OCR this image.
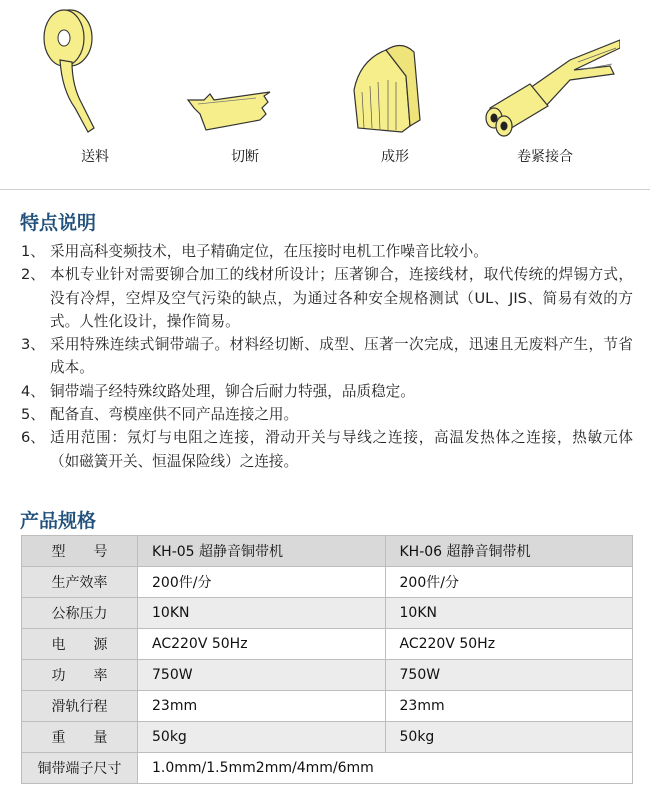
送料	切断	成形	卷紧接合
特点说明
1、 采用高科变频技术，电子精确定位，在压接时电机工作噪音比较小。
2、 本机专业针对需要铆合加工的线材所设计；压著铆合，连接线材，取代传统的焊锡方式，没有冷焊，空焊及空气污染的缺点，为通过各种安全规格测试（UL、JIS、简易有效的方式。人性化设计，操作简易。
3、 采用特殊连续式铜带端子。材料经切断、成型、压著一次完成，迅速且无废料产生，节省成本。
4、 铜带端子经特殊纹路处理，铆合后耐力特强，品质稳定。
5、 配备直、弯模座供不同产品连接之用。
6、 适用范围：氖灯与电阻之连接，滑动开关与导线之连接，高温发热体之连接，热敏元体（如磁簧开关、恒温保险线）之连接。
产品规格
型　　号	KH-05 超静音铜带机	KH-06 超静音铜带机
生产效率	200件/分	200件/分
公称压力	10KN	10KN
电　　源	AC220V 50Hz	AC220V 50Hz
功　　率	750W	750W
滑轨行程	23mm	23mm
重　　量	50kg	50kg
铜带端子尺寸	1.0mm/1.5mm2mm/4mm/6mm	
